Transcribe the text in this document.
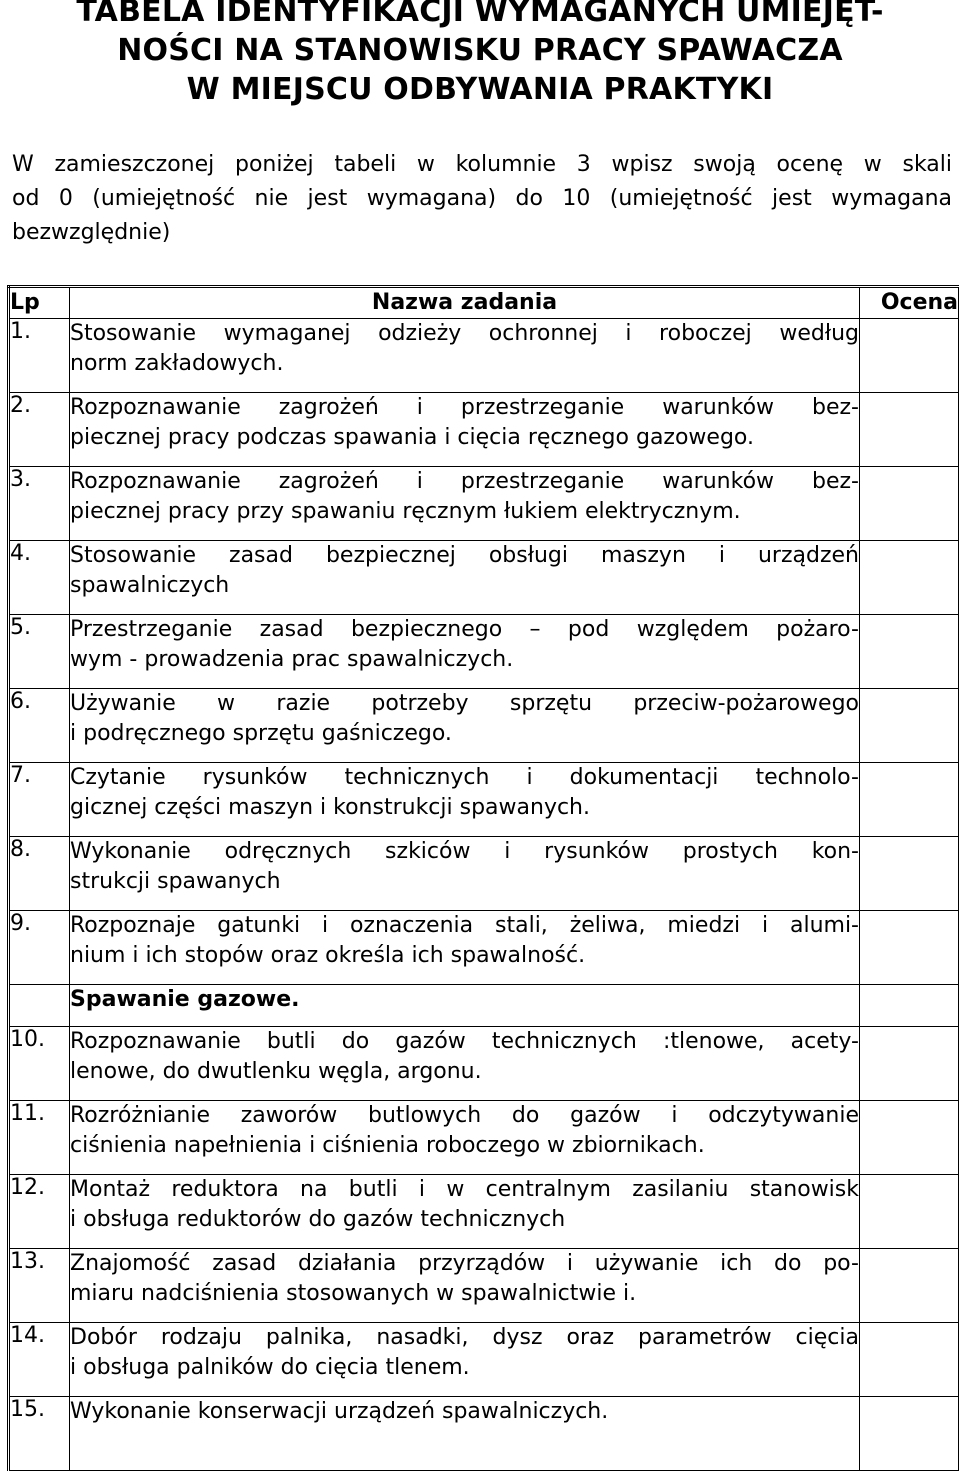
TABELA IDENTYFIKACJI WYMAGANYCH UMIEJĘT-
NOŚCI NA STANOWISKU PRACY SPAWACZA
W MIEJSCU ODBYWANIA PRAKTYKI

W zamieszczonej poniżej tabeli w kolumnie 3 wpisz swoją ocenę w skali
od 0 (umiejętność nie jest wymagana) do 10 (umiejętność jest wymagana
bezwzględnie)

Lp	Nazwa zadania	Ocena
1.	Stosowanie wymaganej odzieży ochronnej i roboczej według
norm zakładowych.	

2.	Rozpoznawanie zagrożeń i przestrzeganie warunków bez-
piecznej pracy podczas spawania i cięcia ręcznego gazowego.	

3.	Rozpoznawanie zagrożeń i przestrzeganie warunków bez-
piecznej pracy przy spawaniu ręcznym łukiem elektrycznym.	

4.	Stosowanie zasad bezpiecznej obsługi maszyn i urządzeń
spawalniczych	

5.	Przestrzeganie zasad bezpiecznego – pod względem pożaro-
wym - prowadzenia prac spawalniczych.	

6.	Używanie w razie potrzeby sprzętu przeciw-pożarowego
i podręcznego sprzętu gaśniczego.	

7.	Czytanie rysunków technicznych i dokumentacji technolo-
gicznej części maszyn i konstrukcji spawanych.	

8.	Wykonanie odręcznych szkiców i rysunków prostych kon-
strukcji spawanych	

9.	Rozpoznaje gatunki i oznaczenia stali, żeliwa, miedzi i alumi-
nium i ich stopów oraz określa ich spawalność.	

	Spawanie gazowe.	
10.	Rozpoznawanie butli do gazów technicznych :tlenowe, acety-
lenowe, do dwutlenku węgla, argonu.	

11.	Rozróżnianie zaworów butlowych do gazów i odczytywanie
ciśnienia napełnienia i ciśnienia roboczego w zbiornikach.	

12.	Montaż reduktora na butli i w centralnym zasilaniu stanowisk
i obsługa reduktorów do gazów technicznych	

13.	Znajomość zasad działania przyrządów i używanie ich do po-
miaru nadciśnienia stosowanych w spawalnictwie i.	

14.	Dobór rodzaju palnika, nasadki, dysz oraz parametrów cięcia
i obsługa palników do cięcia tlenem.	

15.	Wykonanie konserwacji urządzeń spawalniczych.	
